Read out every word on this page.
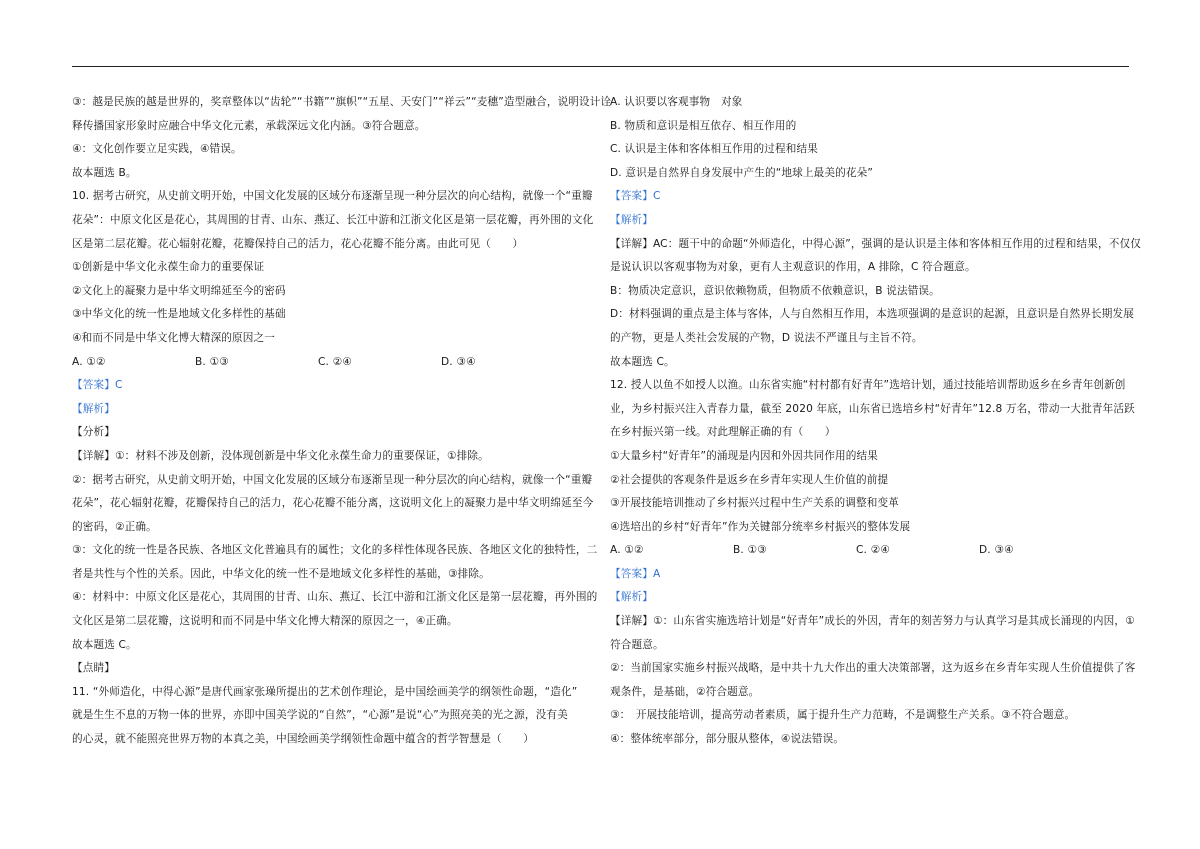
③：越是民族的越是世界的，奖章整体以“齿轮”“书籍”“旗帜”“五星、天安门”“祥云”“麦穗”造型融合，说明设计诠
释传播国家形象时应融合中华文化元素，承载深远文化内涵。③符合题意。
④：文化创作要立足实践，④错误。
故本题选 B。
10. 据考古研究，从史前文明开始，中国文化发展的区域分布逐渐呈现一种分层次的向心结构，就像一个“重瓣
花朵”：中原文化区是花心，其周围的甘青、山东、燕辽、长江中游和江浙文化区是第一层花瓣，再外围的文化
区是第二层花瓣。花心辐射花瓣，花瓣保持自己的活力，花心花瓣不能分离。由此可见（　　）
①创新是中华文化永葆生命力的重要保证
②文化上的凝聚力是中华文明绵延至今的密码
③中华文化的统一性是地域文化多样性的基础
④和而不同是中华文化博大精深的原因之一
A. ①②	B. ①③	C. ②④	D. ③④
【答案】C
【解析】
【分析】
【详解】①：材料不涉及创新，没体现创新是中华文化永葆生命力的重要保证，①排除。
②：据考古研究，从史前文明开始，中国文化发展的区域分布逐渐呈现一种分层次的向心结构，就像一个“重瓣
花朵”，花心辐射花瓣，花瓣保持自己的活力，花心花瓣不能分离，这说明文化上的凝聚力是中华文明绵延至今
的密码，②正确。
③：文化的统一性是各民族、各地区文化普遍具有的属性；文化的多样性体现各民族、各地区文化的独特性，二
者是共性与个性的关系。因此，中华文化的统一性不是地域文化多样性的基础，③排除。
④：材料中：中原文化区是花心，其周围的甘青、山东、燕辽、长江中游和江浙文化区是第一层花瓣，再外围的
文化区是第二层花瓣，这说明和而不同是中华文化博大精深的原因之一，④正确。
故本题选 C。
【点睛】
11. “外师造化，中得心源”是唐代画家张璪所提出的艺术创作理论，是中国绘画美学的纲领性命题，“造化”
就是生生不息的万物一体的世界，亦即中国美学说的“自然”，“心源”是说“心”为照亮美的光之源，没有美
的心灵，就不能照亮世界万物的本真之美，中国绘画美学纲领性命题中蕴含的哲学智慧是（　　）
A. 认识要以客观事物　对象
B. 物质和意识是相互依存、相互作用的
C. 认识是主体和客体相互作用的过程和结果
D. 意识是自然界自身发展中产生的“地球上最美的花朵”
【答案】C
【解析】
【详解】AC：题干中的命题“外师造化，中得心源”，强调的是认识是主体和客体相互作用的过程和结果，不仅仅
是说认识以客观事物为对象，更有人主观意识的作用，A 排除，C 符合题意。
B：物质决定意识，意识依赖物质，但物质不依赖意识，B 说法错误。
D：材料强调的重点是主体与客体，人与自然相互作用，本选项强调的是意识的起源，且意识是自然界长期发展
的产物，更是人类社会发展的产物，D 说法不严谨且与主旨不符。
故本题选 C。
12. 授人以鱼不如授人以渔。山东省实施“村村都有好青年”选培计划，通过技能培训帮助返乡在乡青年创新创
业，为乡村振兴注入青春力量，截至 2020 年底，山东省已选培乡村“好青年”12.8 万名，带动一大批青年活跃
在乡村振兴第一线。对此理解正确的有（　　）
①大量乡村“好青年”的涌现是内因和外因共同作用的结果
②社会提供的客观条件是返乡在乡青年实现人生价值的前提
③开展技能培训推动了乡村振兴过程中生产关系的调整和变革
④选培出的乡村“好青年”作为关键部分统率乡村振兴的整体发展
A. ①②	B. ①③	C. ②④	D. ③④
【答案】A
【解析】
【详解】①：山东省实施选培计划是“好青年”成长的外因，青年的刻苦努力与认真学习是其成长涌现的内因，①
符合题意。
②：当前国家实施乡村振兴战略，是中共十九大作出的重大决策部署，这为返乡在乡青年实现人生价值提供了客
观条件，是基础，②符合题意。
③：　开展技能培训，提高劳动者素质，属于提升生产力范畴，不是调整生产关系。③不符合题意。
④：整体统率部分，部分服从整体，④说法错误。
